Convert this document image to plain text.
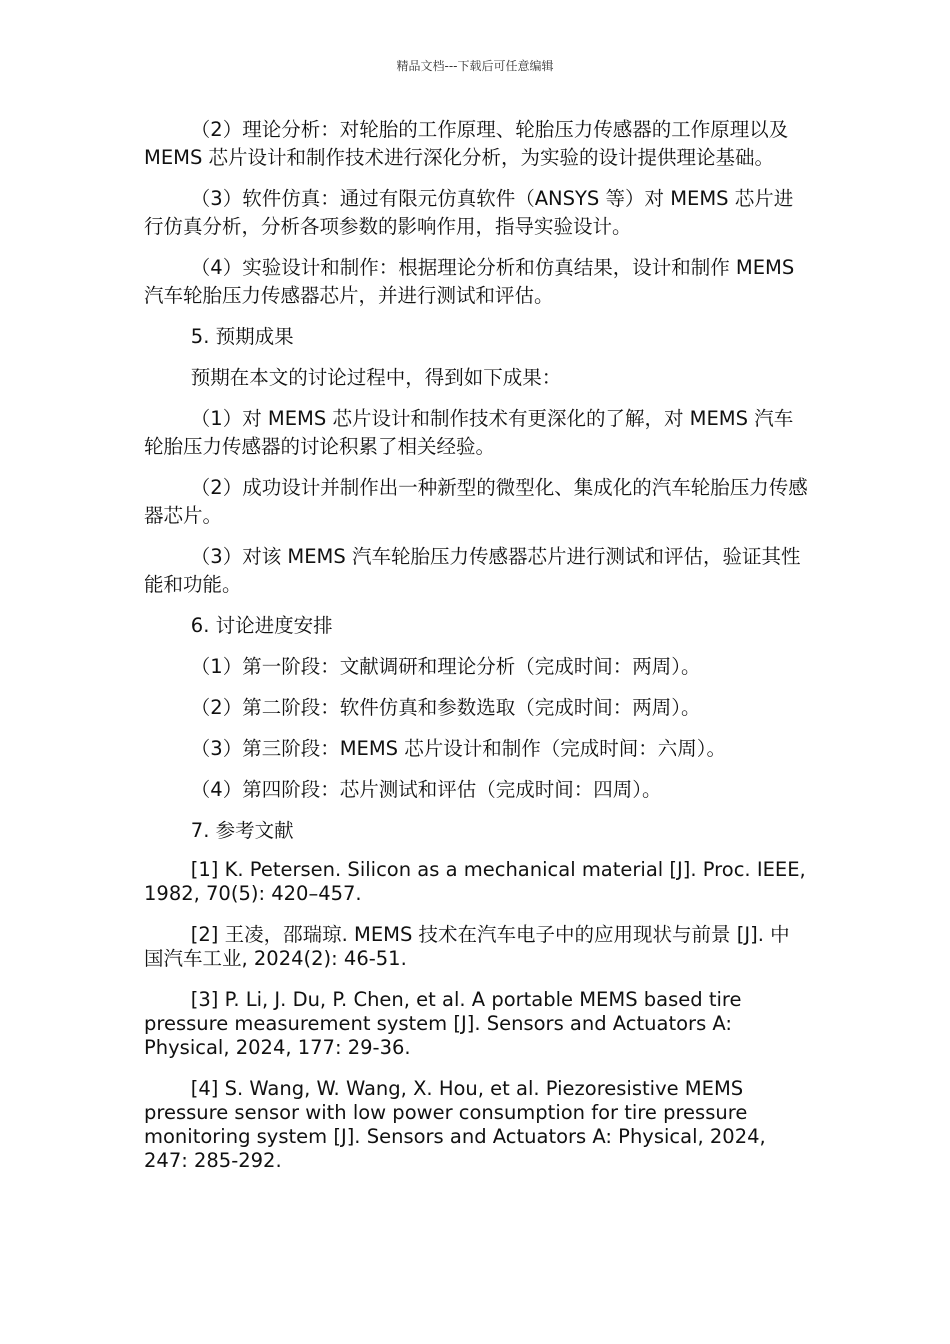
精品文档---下载后可任意编辑

（2）理论分析：对轮胎的工作原理、轮胎压力传感器的工作原理以及 MEMS 芯片设计和制作技术进行深化分析，为实验的设计提供理论基础。

（3）软件仿真：通过有限元仿真软件（ANSYS 等）对 MEMS 芯片进行仿真分析，分析各项参数的影响作用，指导实验设计。

（4）实验设计和制作：根据理论分析和仿真结果，设计和制作 MEMS 汽车轮胎压力传感器芯片，并进行测试和评估。

5. 预期成果

预期在本文的讨论过程中，得到如下成果：

（1）对 MEMS 芯片设计和制作技术有更深化的了解，对 MEMS 汽车轮胎压力传感器的讨论积累了相关经验。

（2）成功设计并制作出一种新型的微型化、集成化的汽车轮胎压力传感器芯片。

（3）对该 MEMS 汽车轮胎压力传感器芯片进行测试和评估，验证其性能和功能。

6. 讨论进度安排

（1）第一阶段：文献调研和理论分析（完成时间：两周）。

（2）第二阶段：软件仿真和参数选取（完成时间：两周）。

（3）第三阶段：MEMS 芯片设计和制作（完成时间：六周）。

（4）第四阶段：芯片测试和评估（完成时间：四周）。

7. 参考文献

[1] K. Petersen. Silicon as a mechanical material [J]. Proc. IEEE, 1982, 70(5): 420–457.

[2] 王凌，邵瑞琼. MEMS 技术在汽车电子中的应用现状与前景 [J]. 中国汽车工业, 2024(2): 46-51.

[3] P. Li, J. Du, P. Chen, et al. A portable MEMS based tire pressure measurement system [J]. Sensors and Actuators A: Physical, 2024, 177: 29-36.

[4] S. Wang, W. Wang, X. Hou, et al. Piezoresistive MEMS pressure sensor with low power consumption for tire pressure monitoring system [J]. Sensors and Actuators A: Physical, 2024, 247: 285-292.
